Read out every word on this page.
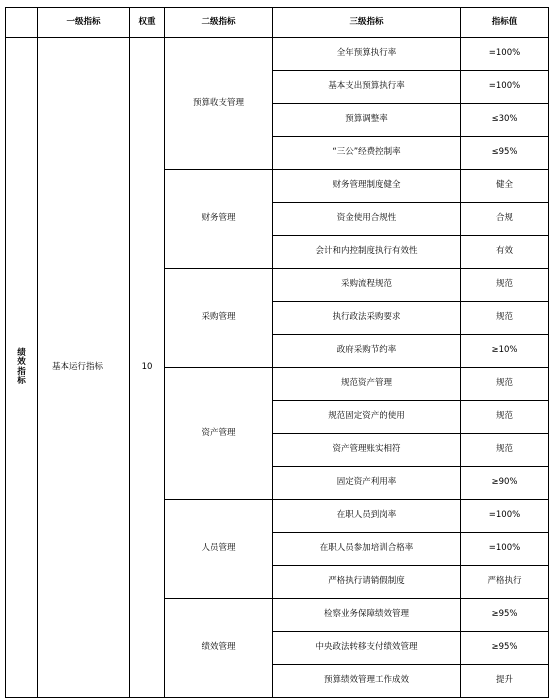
	一级指标	权重	二级指标	三级指标	指标值

绩
效
指
标	基本运行指标	10	预算收支管理	全年预算执行率	=100%
				基本支出预算执行率	=100%
				预算调整率	≤30%
				“三公”经费控制率	≤95%
			财务管理	财务管理制度健全	健全
				资金使用合规性	合规
				会计和内控制度执行有效性	有效
			采购管理	采购流程规范	规范
				执行政法采购要求	规范
				政府采购节约率	≥10%
			资产管理	规范资产管理	规范
				规范固定资产的使用	规范
				资产管理账实相符	规范
				固定资产利用率	≥90%
			人员管理	在职人员到岗率	=100%
				在职人员参加培训合格率	=100%
				严格执行请销假制度	严格执行
			绩效管理	检察业务保障绩效管理	≥95%
				中央政法转移支付绩效管理	≥95%
				预算绩效管理工作成效	提升
